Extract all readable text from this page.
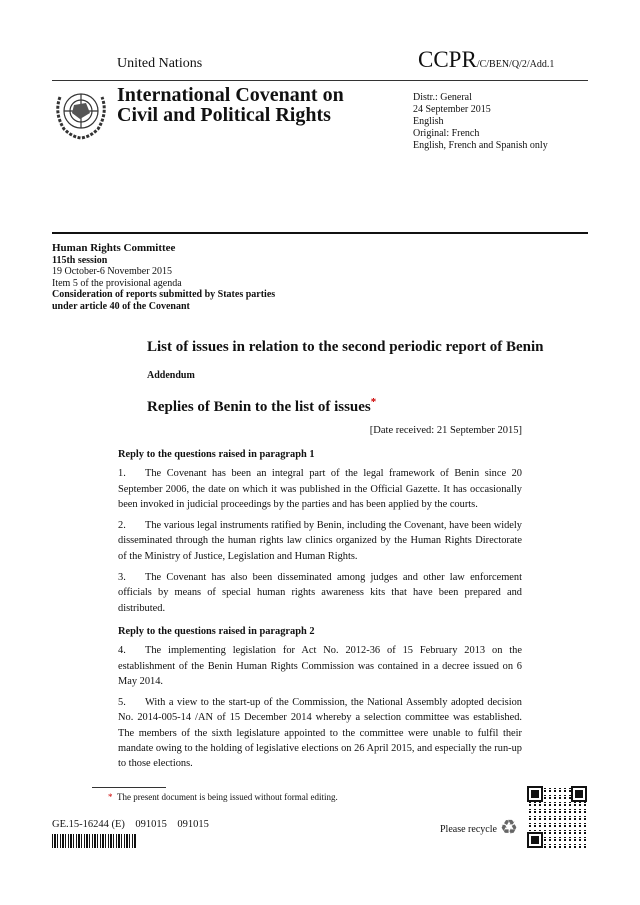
United Nations	CCPR/C/BEN/Q/2/Add.1
International Covenant on
Civil and Political Rights
Distr.: General
24 September 2015
English
Original: French
English, French and Spanish only
Human Rights Committee
115th session
19 October-6 November 2015
Item 5 of the provisional agenda
Consideration of reports submitted by States parties
under article 40 of the Covenant
List of issues in relation to the second periodic report of Benin
Addendum
Replies of Benin to the list of issues*
[Date received: 21 September 2015]
Reply to the questions raised in paragraph 1

1. The Covenant has been an integral part of the legal framework of Benin since 20 September 2006, the date on which it was published in the Official Gazette. It has occasionally been invoked in judicial proceedings by the parties and has been applied by the courts.

2. The various legal instruments ratified by Benin, including the Covenant, have been widely disseminated through the human rights law clinics organized by the Human Rights Directorate of the Ministry of Justice, Legislation and Human Rights.

3. The Covenant has also been disseminated among judges and other law enforcement officials by means of special human rights awareness kits that have been prepared and distributed.

Reply to the questions raised in paragraph 2

4. The implementing legislation for Act No. 2012-36 of 15 February 2013 on the establishment of the Benin Human Rights Commission was contained in a decree issued on 6 May 2014.

5. With a view to the start-up of the Commission, the National Assembly adopted decision No. 2014-005-14 /AN of 15 December 2014 whereby a selection committee was established. The members of the sixth legislature appointed to the committee were unable to fulfil their mandate owing to the holding of legislative elections on 26 April 2015, and especially the run-up to those elections.

* The present document is being issued without formal editing.
GE.15-16244 (E)    091015    091015	Please recycle ♻
